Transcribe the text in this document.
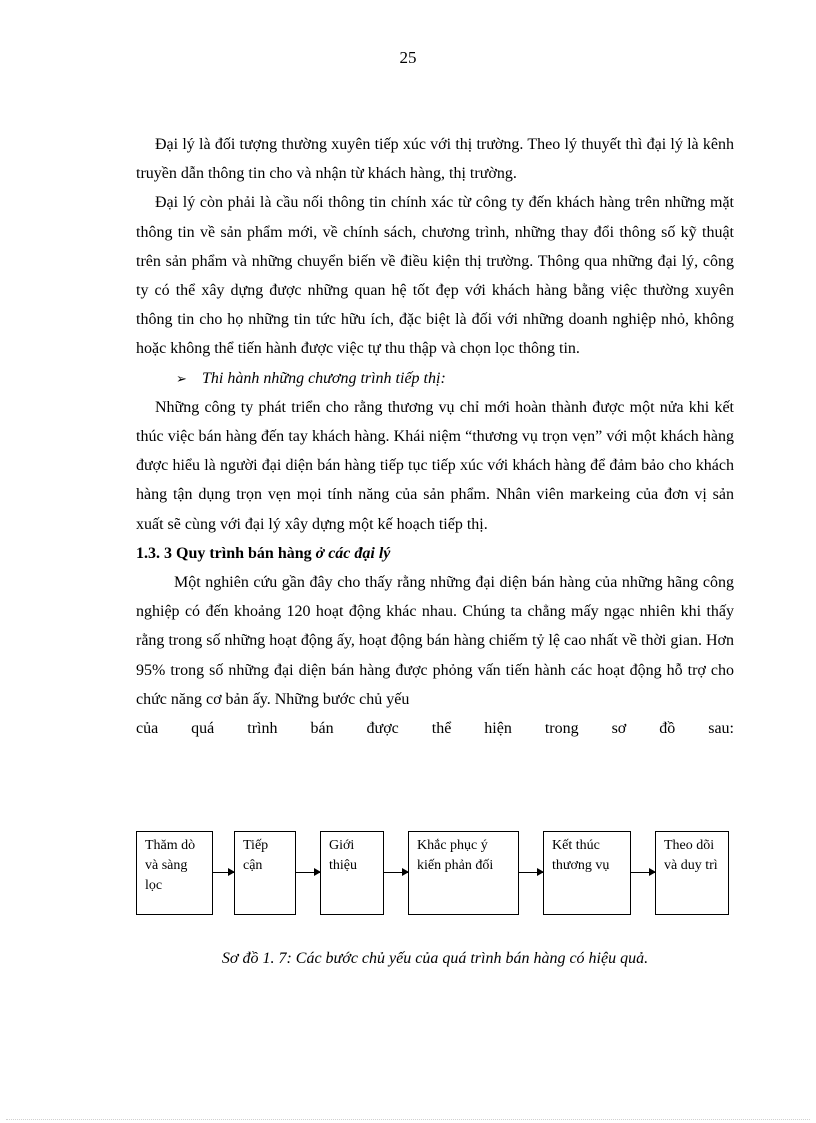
25

Đại lý là đối tượng thường xuyên tiếp xúc với thị trường. Theo lý thuyết thì đại lý là kênh truyền dẫn thông tin cho và nhận từ khách hàng, thị trường.

Đại lý còn phải là cầu nối thông tin chính xác từ công ty đến khách hàng trên những mặt thông tin về sản phẩm mới, về chính sách, chương trình, những thay đổi thông số kỹ thuật trên sản phẩm và những chuyển biến về điều kiện thị trường. Thông qua những đại lý, công ty có thể xây dựng được những quan hệ tốt đẹp với khách hàng bằng việc thường xuyên thông tin cho họ những tin tức hữu ích, đặc biệt là đối với những doanh nghiệp nhỏ, không hoặc không thể tiến hành được việc tự thu thập và chọn lọc thông tin.

➢ Thi hành những chương trình tiếp thị:

Những công ty phát triển cho rằng thương vụ chỉ mới hoàn thành được một nửa khi kết thúc việc bán hàng đến tay khách hàng. Khái niệm “thương vụ trọn vẹn” với một khách hàng được hiểu là người đại diện bán hàng tiếp tục tiếp xúc với khách hàng để đảm bảo cho khách hàng tận dụng trọn vẹn mọi tính năng của sản phẩm. Nhân viên markeing của đơn vị sản xuất sẽ cùng với đại lý xây dựng một kế hoạch tiếp thị.

1.3. 3 Quy trình bán hàng ở các đại lý

Một nghiên cứu gần đây cho thấy rằng những đại diện bán hàng của những hãng công nghiệp có đến khoảng 120 hoạt động khác nhau. Chúng ta chẳng mấy ngạc nhiên khi thấy rằng trong số những hoạt động ấy, hoạt động bán hàng chiếm tỷ lệ cao nhất về thời gian. Hơn 95% trong số những đại diện bán hàng được phỏng vấn tiến hành các hoạt động hỗ trợ cho chức năng cơ bản ấy. Những bước chủ yếu

của quá trình bán được thể hiện trong sơ đồ sau:

Thăm dò và sàng lọc
Tiếp cận
Giới thiệu
Khắc phục ý kiến phản đối
Kết thúc thương vụ
Theo dõi và duy trì
Sơ đồ 1. 7: Các bước chủ yếu của quá trình bán hàng có hiệu quả.
